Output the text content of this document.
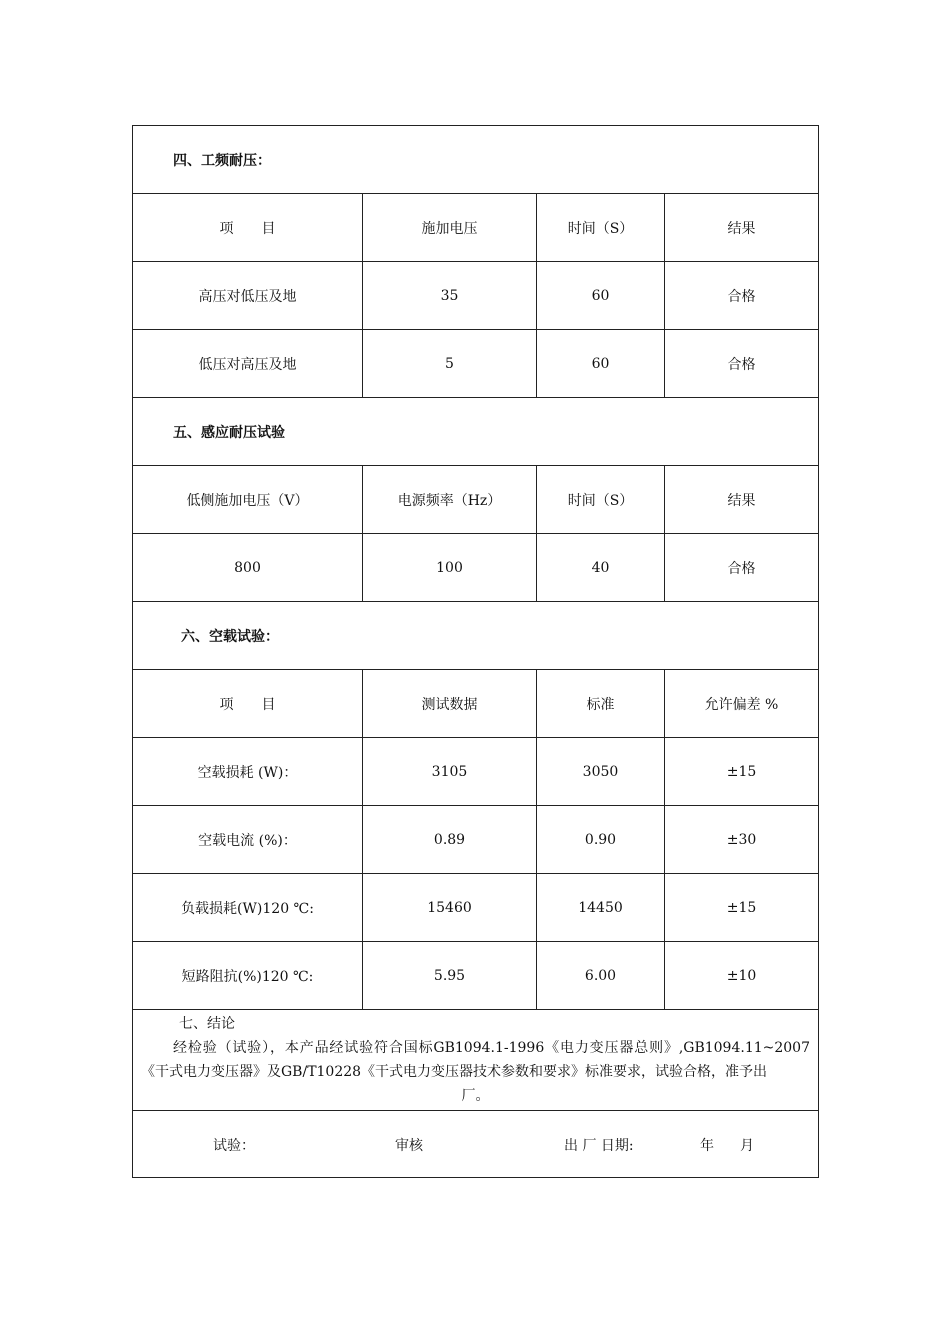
四、工频耐压：			
项　　目	施加电压	时间（S）	结果
高压对低压及地	35	60	合格
低压对高压及地	5	60	合格
五、感应耐压试验			
低侧施加电压（V）	电源频率（Hz）	时间（S）	结果
800	100	40	合格
六、空载试验：			
项　　目	测试数据	标准	允许偏差 %
空载损耗 (W)：	3105	3050	±15
空载电流 (%)：	0.89	0.90	±30
负载损耗(W)120 ℃:	15460	14450	±15
短路阻抗(%)120 ℃:	5.95	6.00	±10

七、结论
经检验（试验），本产品经试验符合国标GB1094.1-1996《电力变压器总则》,GB1094.11~2007《干式电力变压器》及GB/T10228《干式电力变压器技术参数和要求》标准要求，试验合格，准予出
厂。			

试验： 审核 出 厂 日期: 年 月			
